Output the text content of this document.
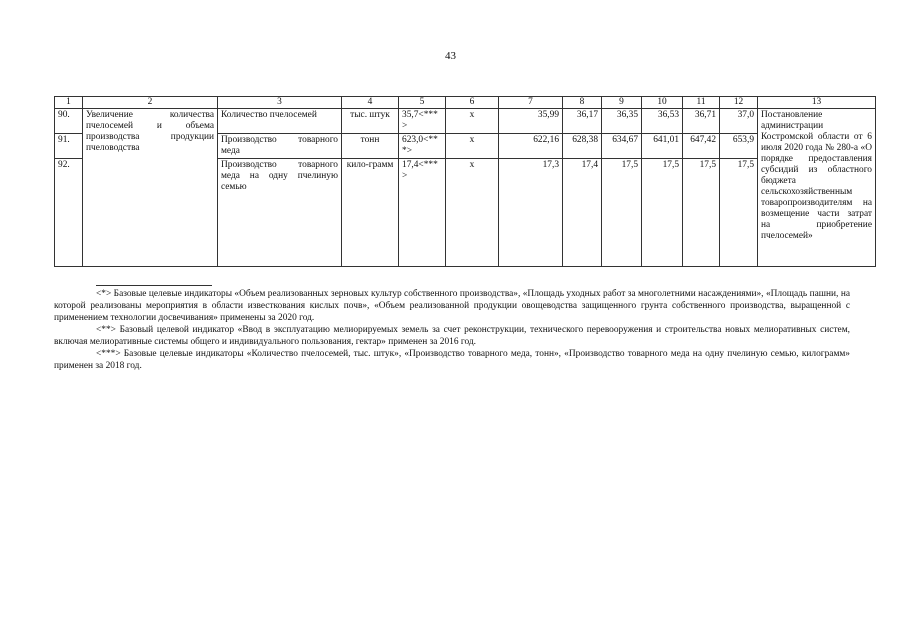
43
1	2	3	4	5	6	7	8	9	10	11	12	13
90.	Увеличение количества пчелосемей и объема производства продукции пчеловодства	Количество пчелосемей	тыс. штук	35,7<***>	х	35,99	36,17	36,35	36,53	36,71	37,0	Постановление администрации Костромской области от 6 июля 2020 года № 280-а «О порядке предоставления субсидий из областного бюджета сельскохозяйственным товаропроизводителям на возмещение части затрат на приобретение пчелосемей»
91.		Производство товарного меда	тонн	623,0<***>	х	622,16	628,38	634,67	641,01	647,42	653,9	
92.		Производство товарного меда на одну пчелиную семью	кило-грамм	17,4<***>	х	17,3	17,4	17,5	17,5	17,5	17,5	

<*> Базовые целевые индикаторы «Объем реализованных зерновых культур собственного производства», «Площадь уходных работ за многолетними насаждениями», «Площадь пашни, на которой реализованы мероприятия в области известкования кислых почв», «Объем реализованной продукции овощеводства защищенного грунта собственного производства, выращенной с применением технологии досвечивания» применены за 2020 год.

<**> Базовый целевой индикатор «Ввод в эксплуатацию мелиорируемых земель за счет реконструкции, технического перевооружения и строительства новых мелиоративных систем, включая мелиоративные системы общего и индивидуального пользования, гектар» применен за 2016 год.

<***> Базовые целевые индикаторы «Количество пчелосемей, тыс. штук», «Производство товарного меда, тонн», «Производство товарного меда на одну пчелиную семью, килограмм» применен за 2018 год.
